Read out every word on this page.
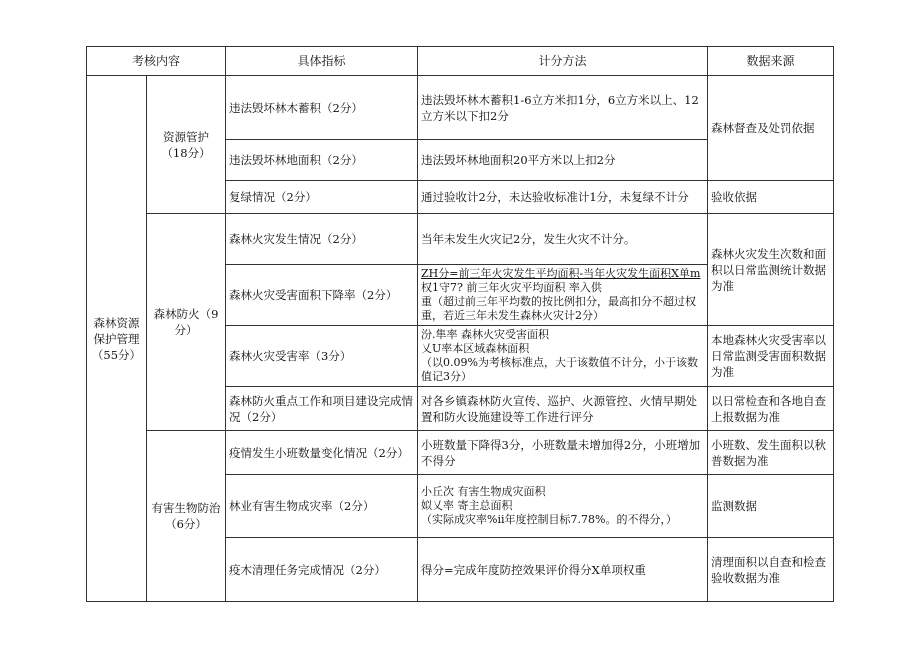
考核内容		具体指标	计分方法	数据来源
森林资源保护管理（55分）	资源管护（18分）	违法毁坏林木蓄积（2分）	违法毁坏林木蓄积1-6立方米扣1分，6立方米以上、12立方米以下扣2分	森林督查及处罚依据
		违法毁坏林地面积（2分）	违法毁坏林地面积20平方米以上扣2分	
		复绿情况（2分）	通过验收计2分，未达验收标准计1分，未复绿不计分	验收依据
	森林防火（9分）	森林火灾发生情况（2分）	当年未发生火灾记2分，发生火灾不计分。	森林火灾发生次数和面积以日常监测统计数据为准
		森林火灾受害面积下降率（2分）	ZH分=前三年火灾发生平均面积-当年火灾发生面积X单m
权1守7? 前三年火灾平均面积 率入供
重（超过前三年平均数的按比例扣分，最高扣分不超过权重，若近三年未发生森林火灾计2分）	

		森林火灾受害率（3分）	汾.隼率 森林火灾受害面积
乂U率本区域森林面积
（以0.09%为考核标准点，大于该数值不计分，小于该数值记3分）	本地森林火灾受害率以日常监测受害面积数据为准
		森林防火重点工作和项目建设完成情况（2分）	对各乡镇森林防火宣传、巡护、火源管控、火情早期处置和防火设施建设等工作进行评分	以日常检查和各地自查上报数据为准
	有害生物防治（6分）	疫情发生小班数量变化情况（2分）	小班数量下降得3分，小班数量未增加得2分，小班增加不得分	小班数、发生面积以秋普数据为准
		林业有害生物成灾率（2分）	小丘次 有害生物成灾面积
姒乂率 寄主总面积
（实际成灾率%ii年度控制目标7.78%。的不得分，）	监测数据
		疫木清理任务完成情况（2分）	得分=完成年度防控效果评价得分X单项权重	清理面积以自查和检查验收数据为准
